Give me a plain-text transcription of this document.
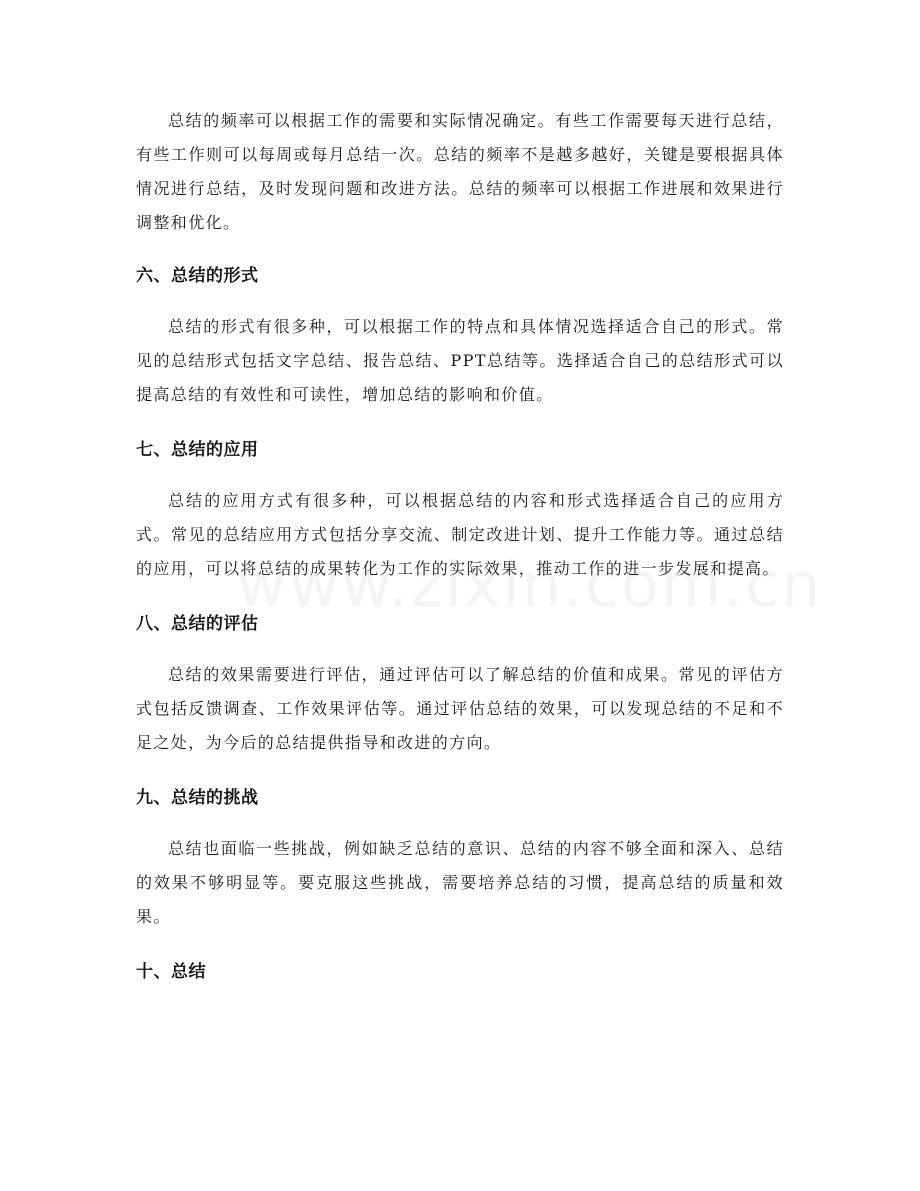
总结的频率可以根据工作的需要和实际情况确定。有些工作需要每天进行总结，有些工作则可以每周或每月总结一次。总结的频率不是越多越好，关键是要根据具体情况进行总结，及时发现问题和改进方法。总结的频率可以根据工作进展和效果进行调整和优化。

六、总结的形式

总结的形式有很多种，可以根据工作的特点和具体情况选择适合自己的形式。常见的总结形式包括文字总结、报告总结、PPT总结等。选择适合自己的总结形式可以提高总结的有效性和可读性，增加总结的影响和价值。

七、总结的应用

总结的应用方式有很多种，可以根据总结的内容和形式选择适合自己的应用方式。常见的总结应用方式包括分享交流、制定改进计划、提升工作能力等。通过总结的应用，可以将总结的成果转化为工作的实际效果，推动工作的进一步发展和提高。

八、总结的评估

总结的效果需要进行评估，通过评估可以了解总结的价值和成果。常见的评估方式包括反馈调查、工作效果评估等。通过评估总结的效果，可以发现总结的不足和不足之处，为今后的总结提供指导和改进的方向。

九、总结的挑战

总结也面临一些挑战，例如缺乏总结的意识、总结的内容不够全面和深入、总结的效果不够明显等。要克服这些挑战，需要培养总结的习惯，提高总结的质量和效果。

十、总结
